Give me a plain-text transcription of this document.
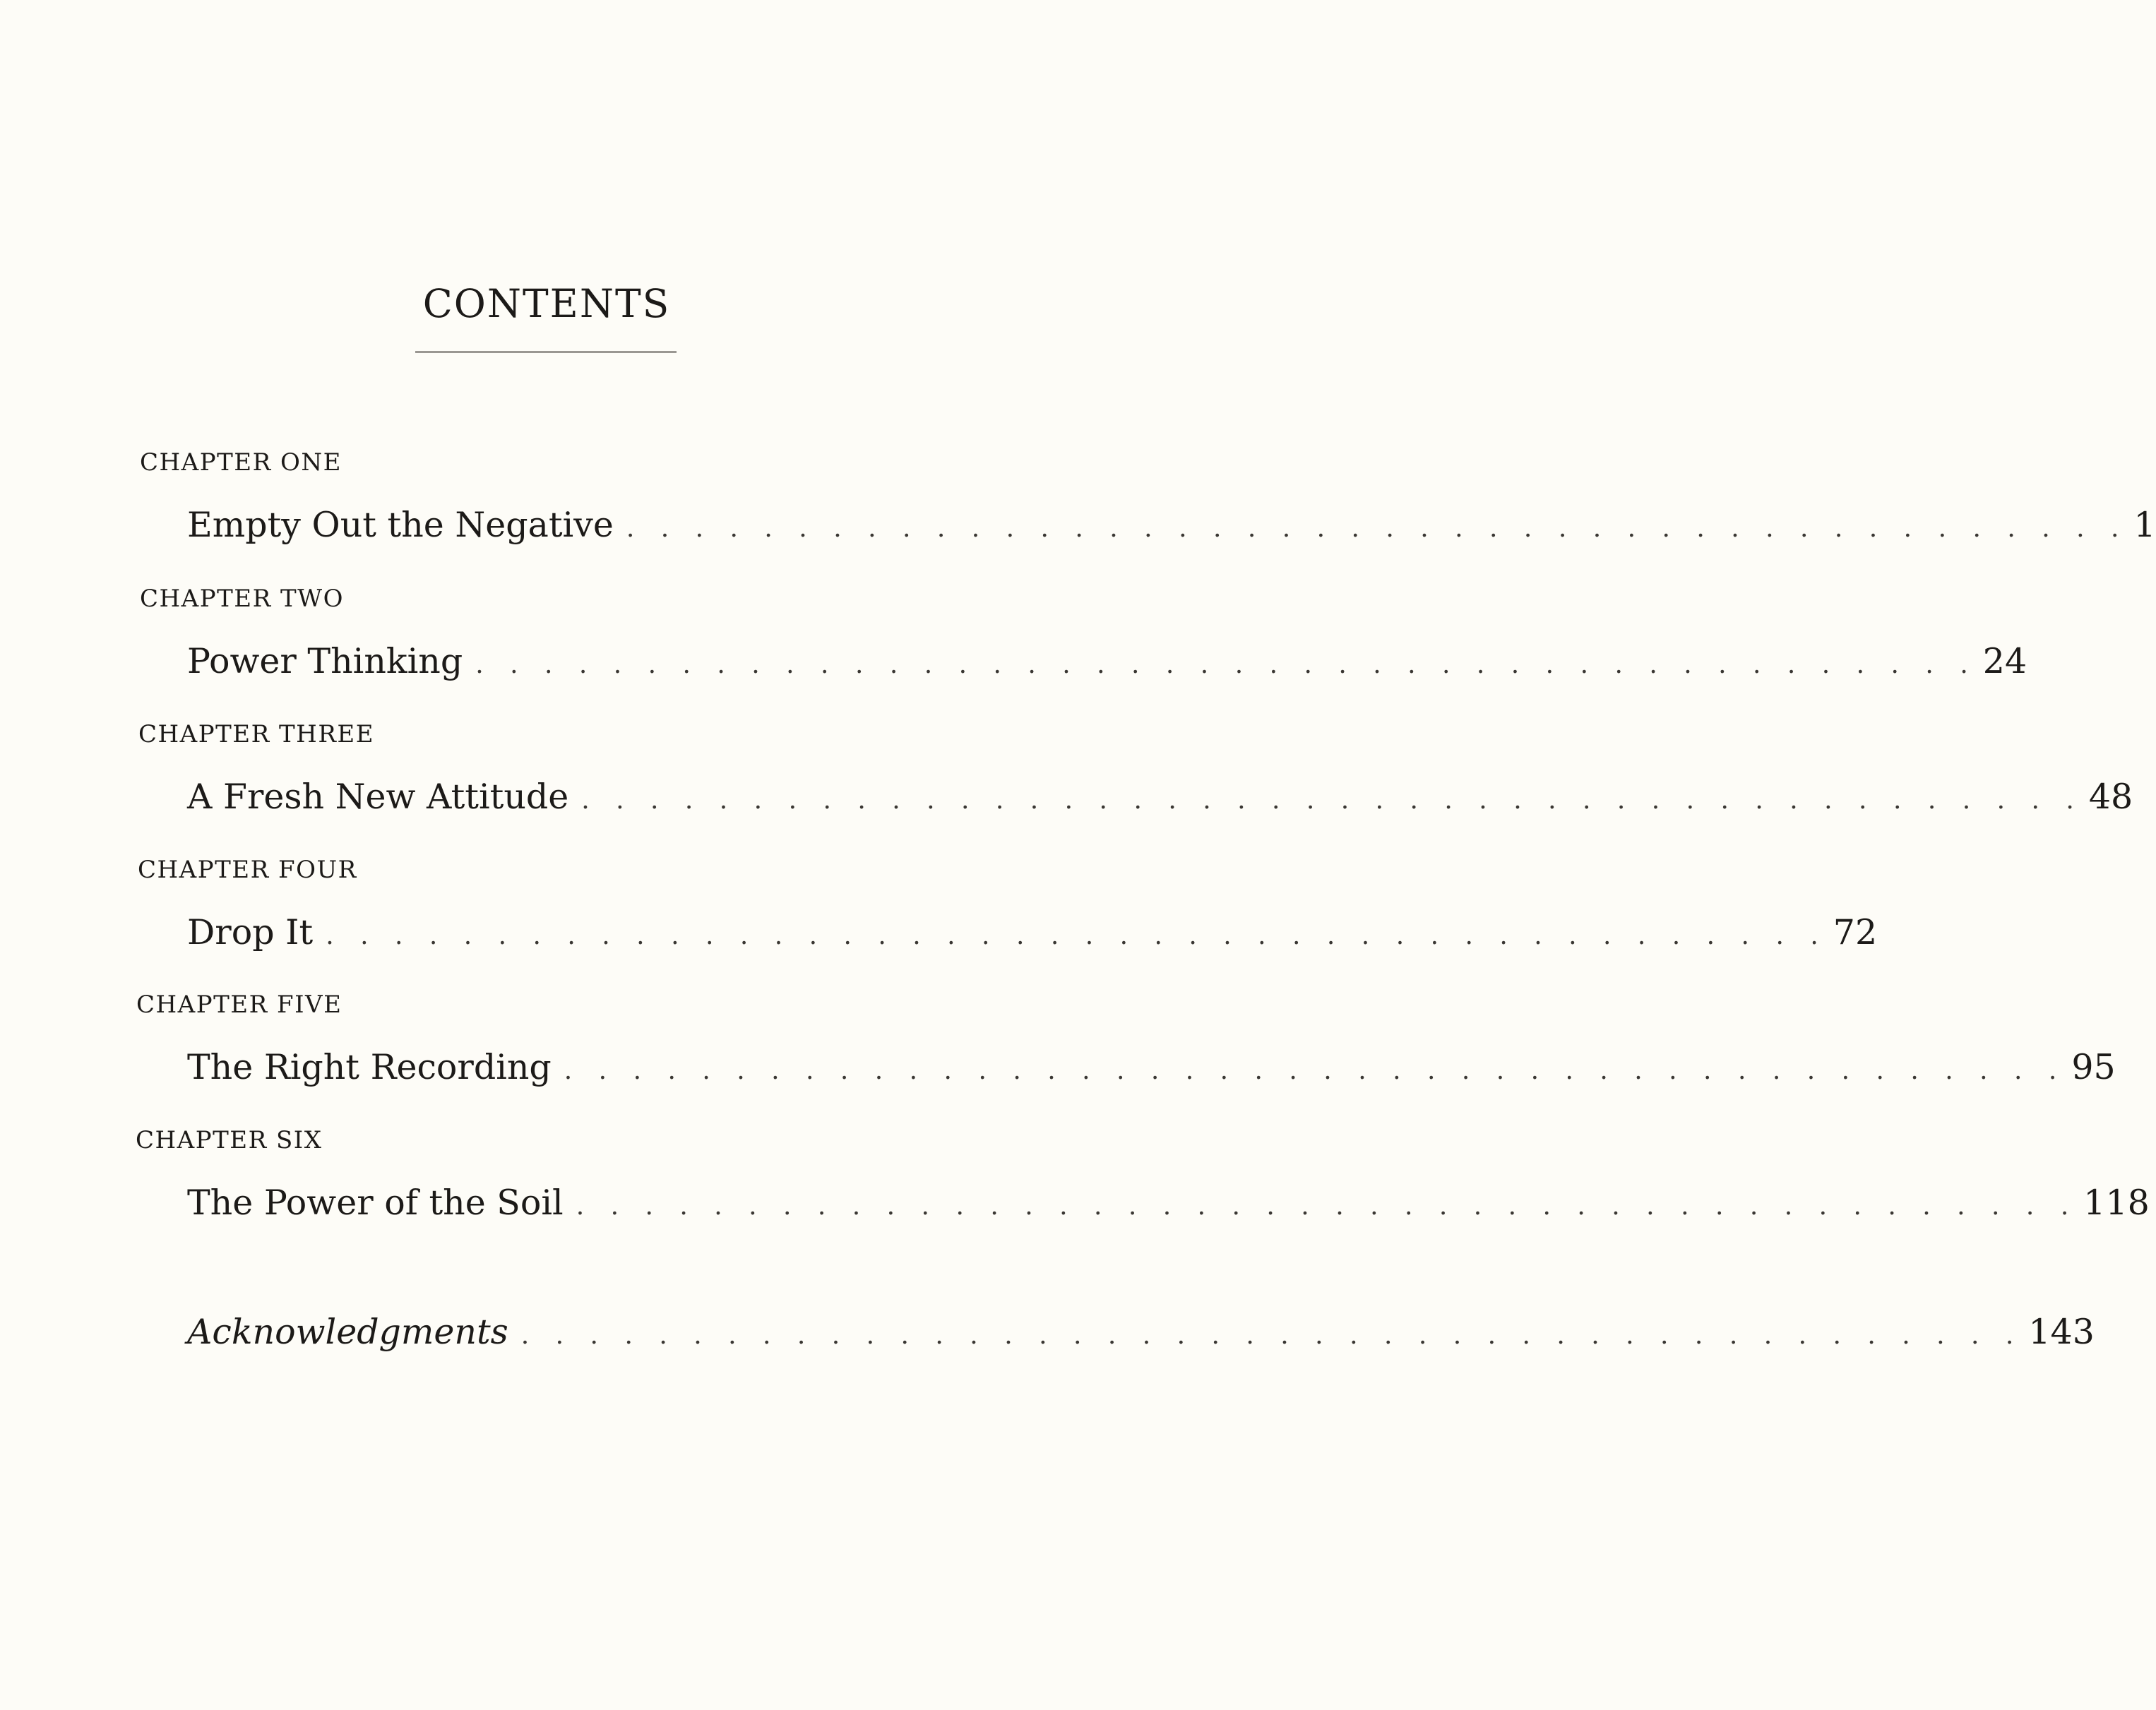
CONTENTS

CHAPTER ONE

Empty Out the Negative . . . . . . . . . . . . . . . . . . . . . . . . . . . . . . . . . . . . . . . . . . . . 1

CHAPTER TWO

Power Thinking . . . . . . . . . . . . . . . . . . . . . . . . . . . . . . . . . . . . . . . . . . . . 24

CHAPTER THREE

A Fresh New Attitude . . . . . . . . . . . . . . . . . . . . . . . . . . . . . . . . . . . . . . . . . . . . 48

CHAPTER FOUR

Drop It . . . . . . . . . . . . . . . . . . . . . . . . . . . . . . . . . . . . . . . . . . . . 72

CHAPTER FIVE

The Right Recording . . . . . . . . . . . . . . . . . . . . . . . . . . . . . . . . . . . . . . . . . . . . 95

CHAPTER SIX

The Power of the Soil . . . . . . . . . . . . . . . . . . . . . . . . . . . . . . . . . . . . . . . . . . . . 118
Acknowledgments . . . . . . . . . . . . . . . . . . . . . . . . . . . . . . . . . . . . . . . . . . . . 143
